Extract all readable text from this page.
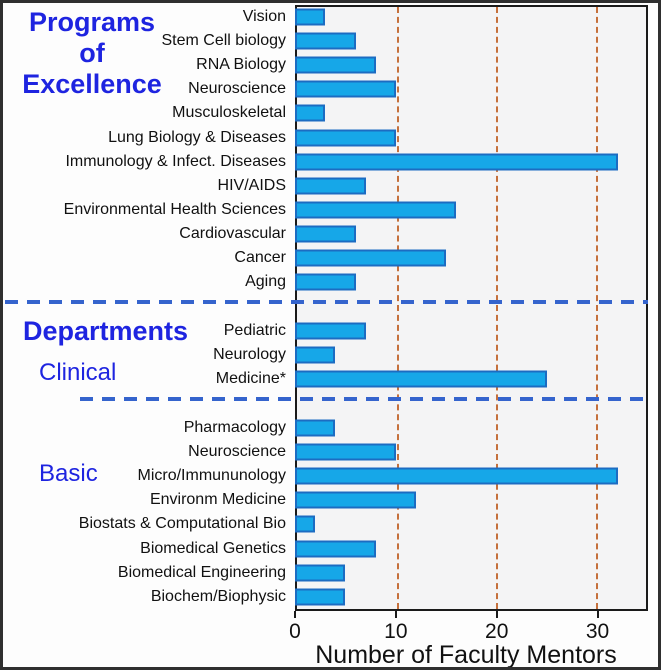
Vision
Stem Cell biology
RNA Biology
Neuroscience
Musculoskeletal
Lung Biology & Diseases
Immunology & Infect. Diseases
HIV/AIDS
Environmental Health Sciences
Cardiovascular
Cancer
Aging
Pediatric
Neurology
Medicine*
Pharmacology
Neuroscience
Micro/Immununology
Environm Medicine
Biostats & Computational Bio
Biomedical Genetics
Biomedical Engineering
Biochem/Biophysic
Programs
of
Excellence
Departments
Clinical
Basic
Number of Faculty Mentors
0	10	20	30
